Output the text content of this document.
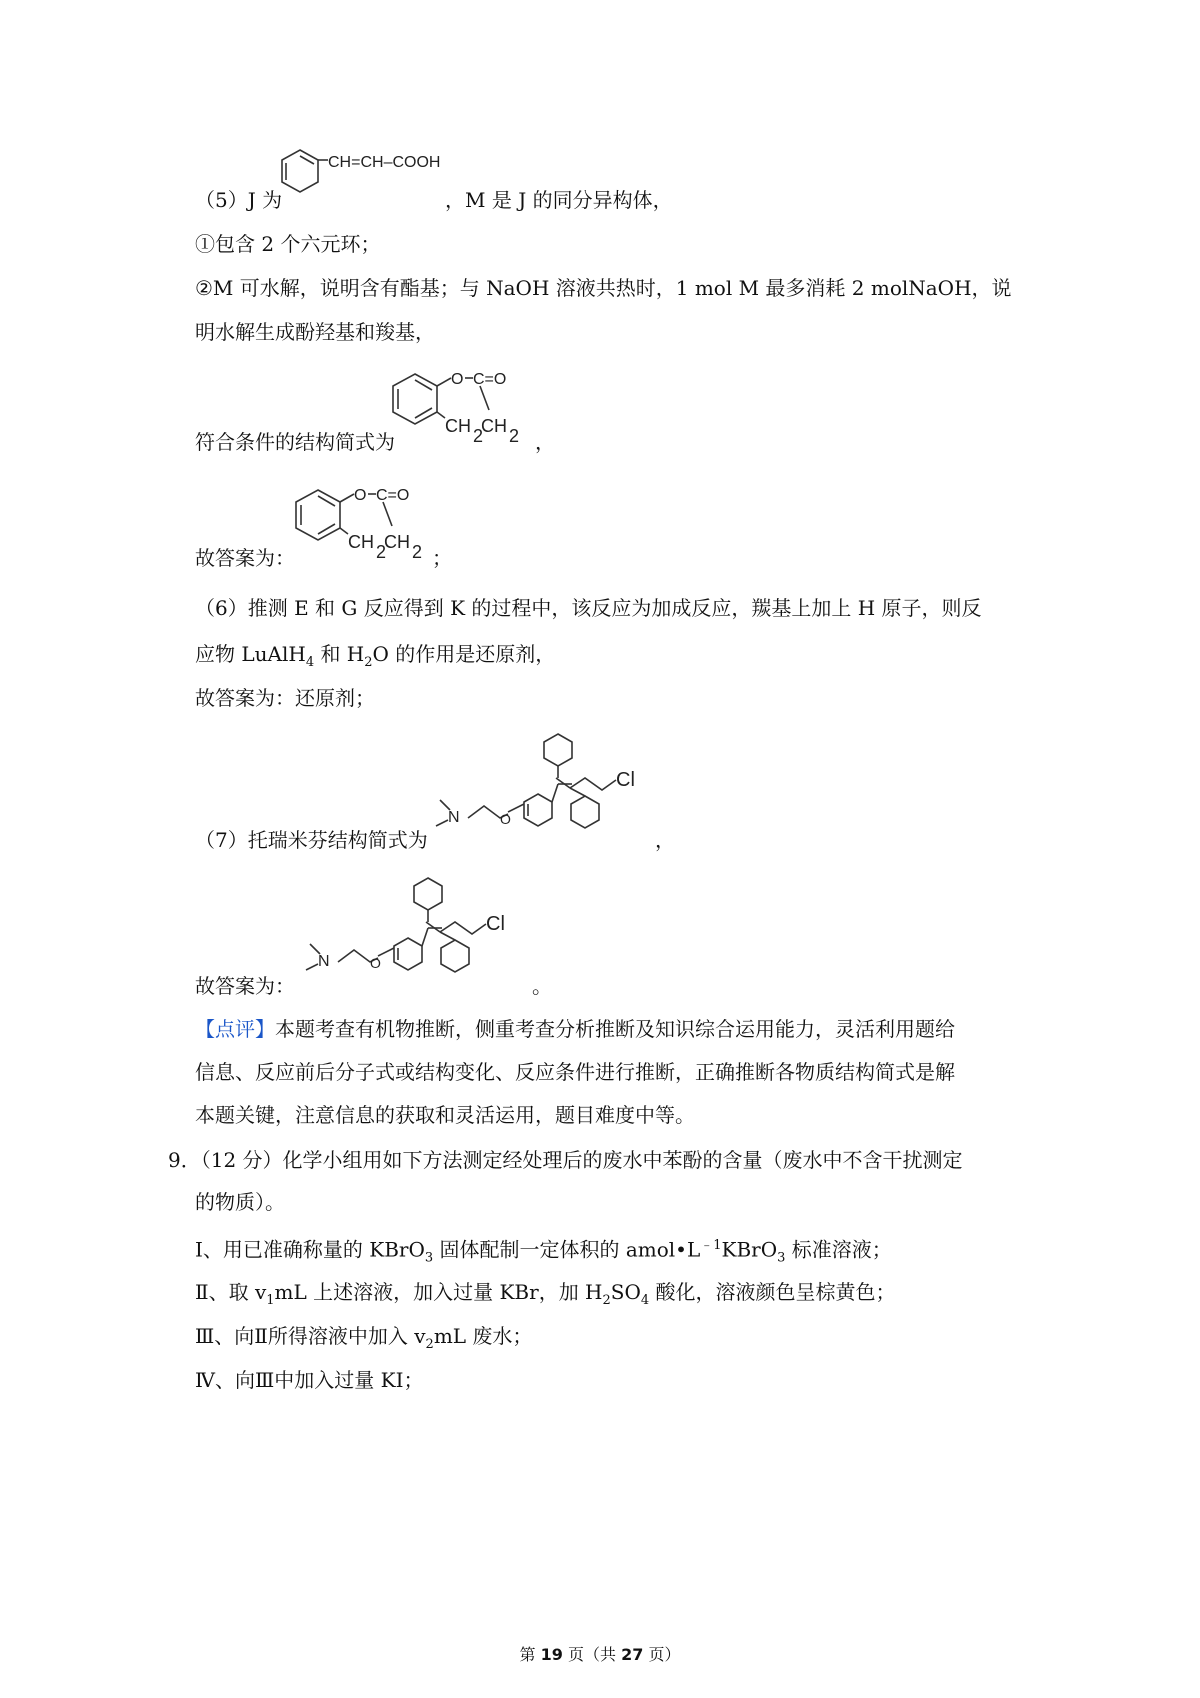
CH=CH–COOH
（5）J 为	，M 是 J 的同分异构体，
①包含 2 个六元环；
②M 可水解，说明含有酯基；与 NaOH 溶液共热时，1 mol M 最多消耗 2 molNaOH，说
明水解生成酚羟基和羧基，
O C=O
CH 2
CH 2
符合条件的结构简式为	，
O C=O
CH 2
CH 2
故答案为：	；
（6）推测 E 和 G 反应得到 K 的过程中，该反应为加成反应，羰基上加上 H 原子，则反
应物 LuAlH$_4$ 和 $H_2O$ 的作用是还原剂，
故答案为：还原剂；
Cl
O
N
（7）托瑞米芬结构简式为	，
Cl
O
N
故答案为：	。
【点评】本题考查有机物推断，侧重考查分析推断及知识综合运用能力，灵活利用题给
信息、反应前后分子式或结构变化、反应条件进行推断，正确推断各物质结构简式是解
本题关键，注意信息的获取和灵活运用，题目难度中等。
9．（12 分）化学小组用如下方法测定经处理后的废水中苯酚的含量（废水中不含干扰测定
的物质）。
Ⅰ、用已准确称量的 KBrO$_3$ 固体配制一定体积的 $amol•L^{﹣1}KBrO_3$ 标准溶液；
Ⅱ、取 $v_1mL$ 上述溶液，加入过量 KBr，加 $H_2SO_4$ 酸化，溶液颜色呈棕黄色；
Ⅲ、向Ⅱ所得溶液中加入 $v_2mL$ 废水；
Ⅳ、向Ⅲ中加入过量 KI；
第 19 页（共 27 页）
